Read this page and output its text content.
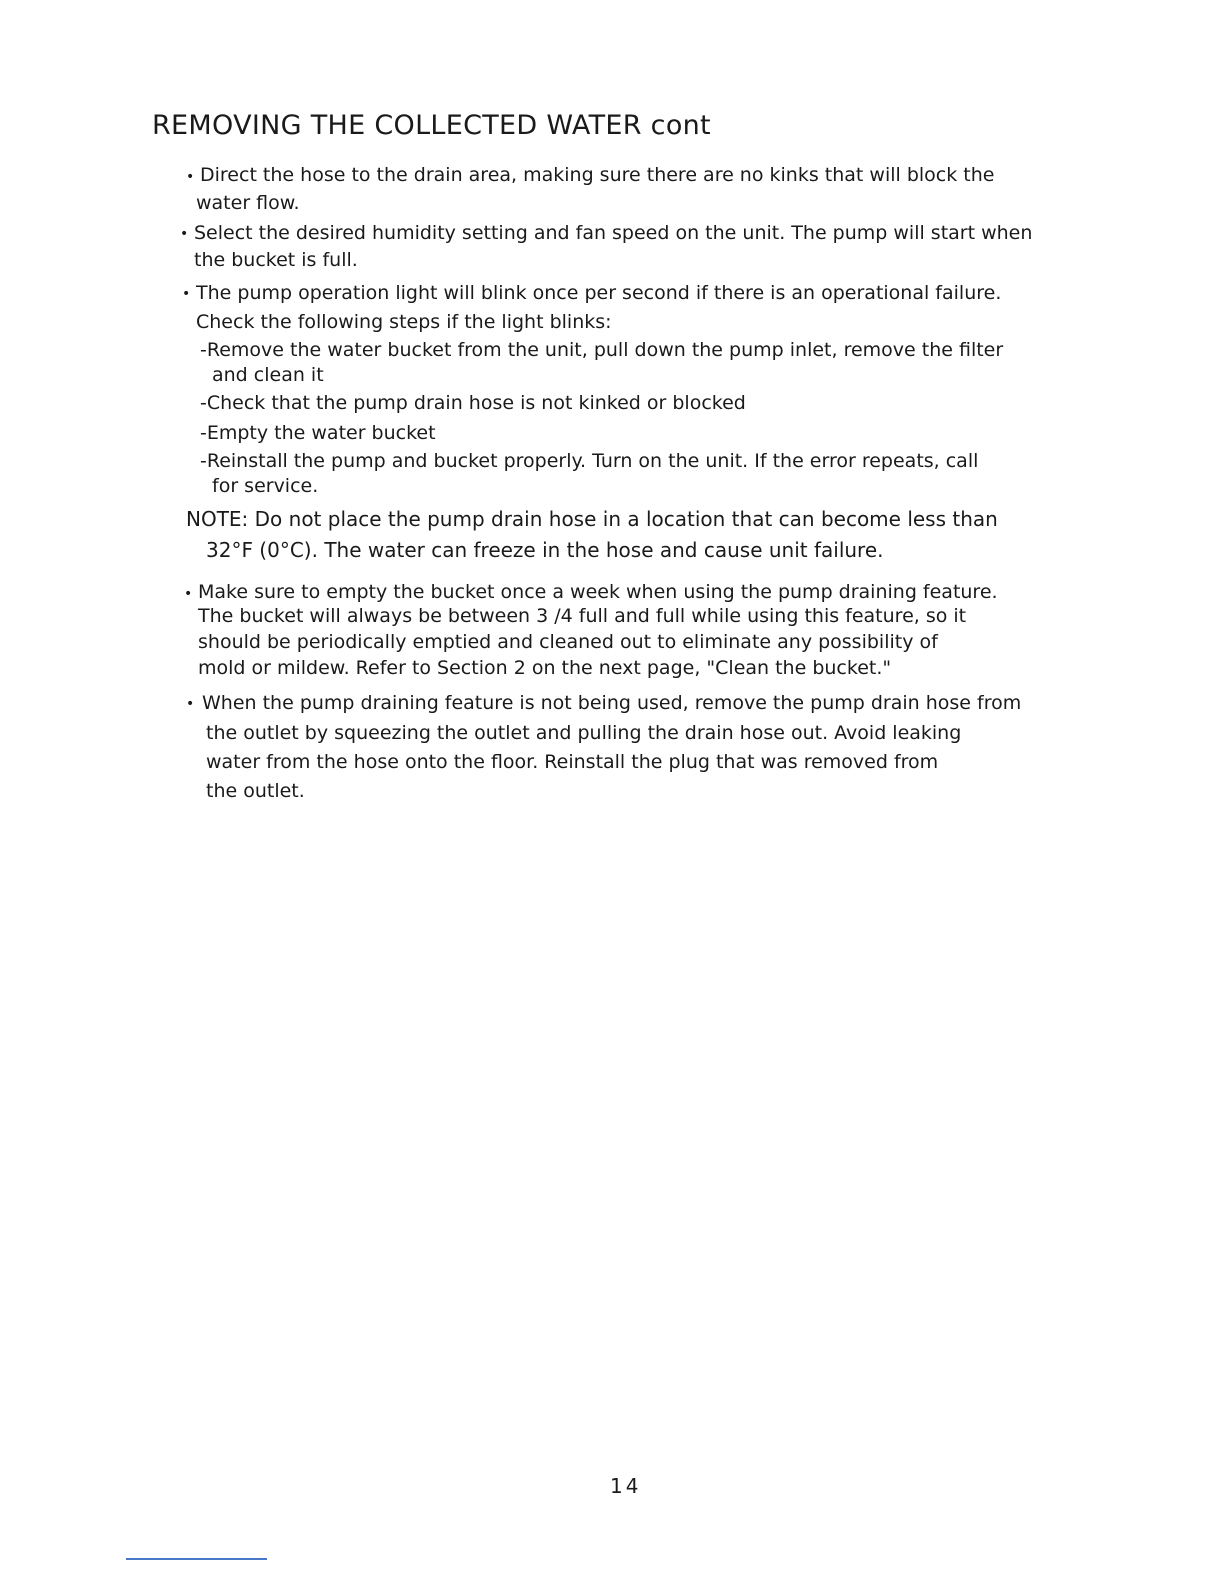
REMOVING THE COLLECTED WATER cont
• Direct the hose to the drain area, making sure there are no kinks that will block the
water flow.
• Select the desired humidity setting and fan speed on the unit. The pump will start when
the bucket is full.
• The pump operation light will blink once per second if there is an operational failure.
Check the following steps if the light blinks:
-Remove the water bucket from the unit, pull down the pump inlet, remove the filter
and clean it
-Check that the pump drain hose is not kinked or blocked
-Empty the water bucket
-Reinstall the pump and bucket properly. Turn on the unit. If the error repeats, call
for service.
NOTE: Do not place the pump drain hose in a location that can become less than
32°F (0°C). The water can freeze in the hose and cause unit failure.
• Make sure to empty the bucket once a week when using the pump draining feature.
The bucket will always be between 3 /4 full and full while using this feature, so it
should be periodically emptied and cleaned out to eliminate any possibility of
mold or mildew. Refer to Section 2 on the next page, "Clean the bucket."
• When the pump draining feature is not being used, remove the pump drain hose from
the outlet by squeezing the outlet and pulling the drain hose out. Avoid leaking
water from the hose onto the floor. Reinstall the plug that was removed from
the outlet.
14
